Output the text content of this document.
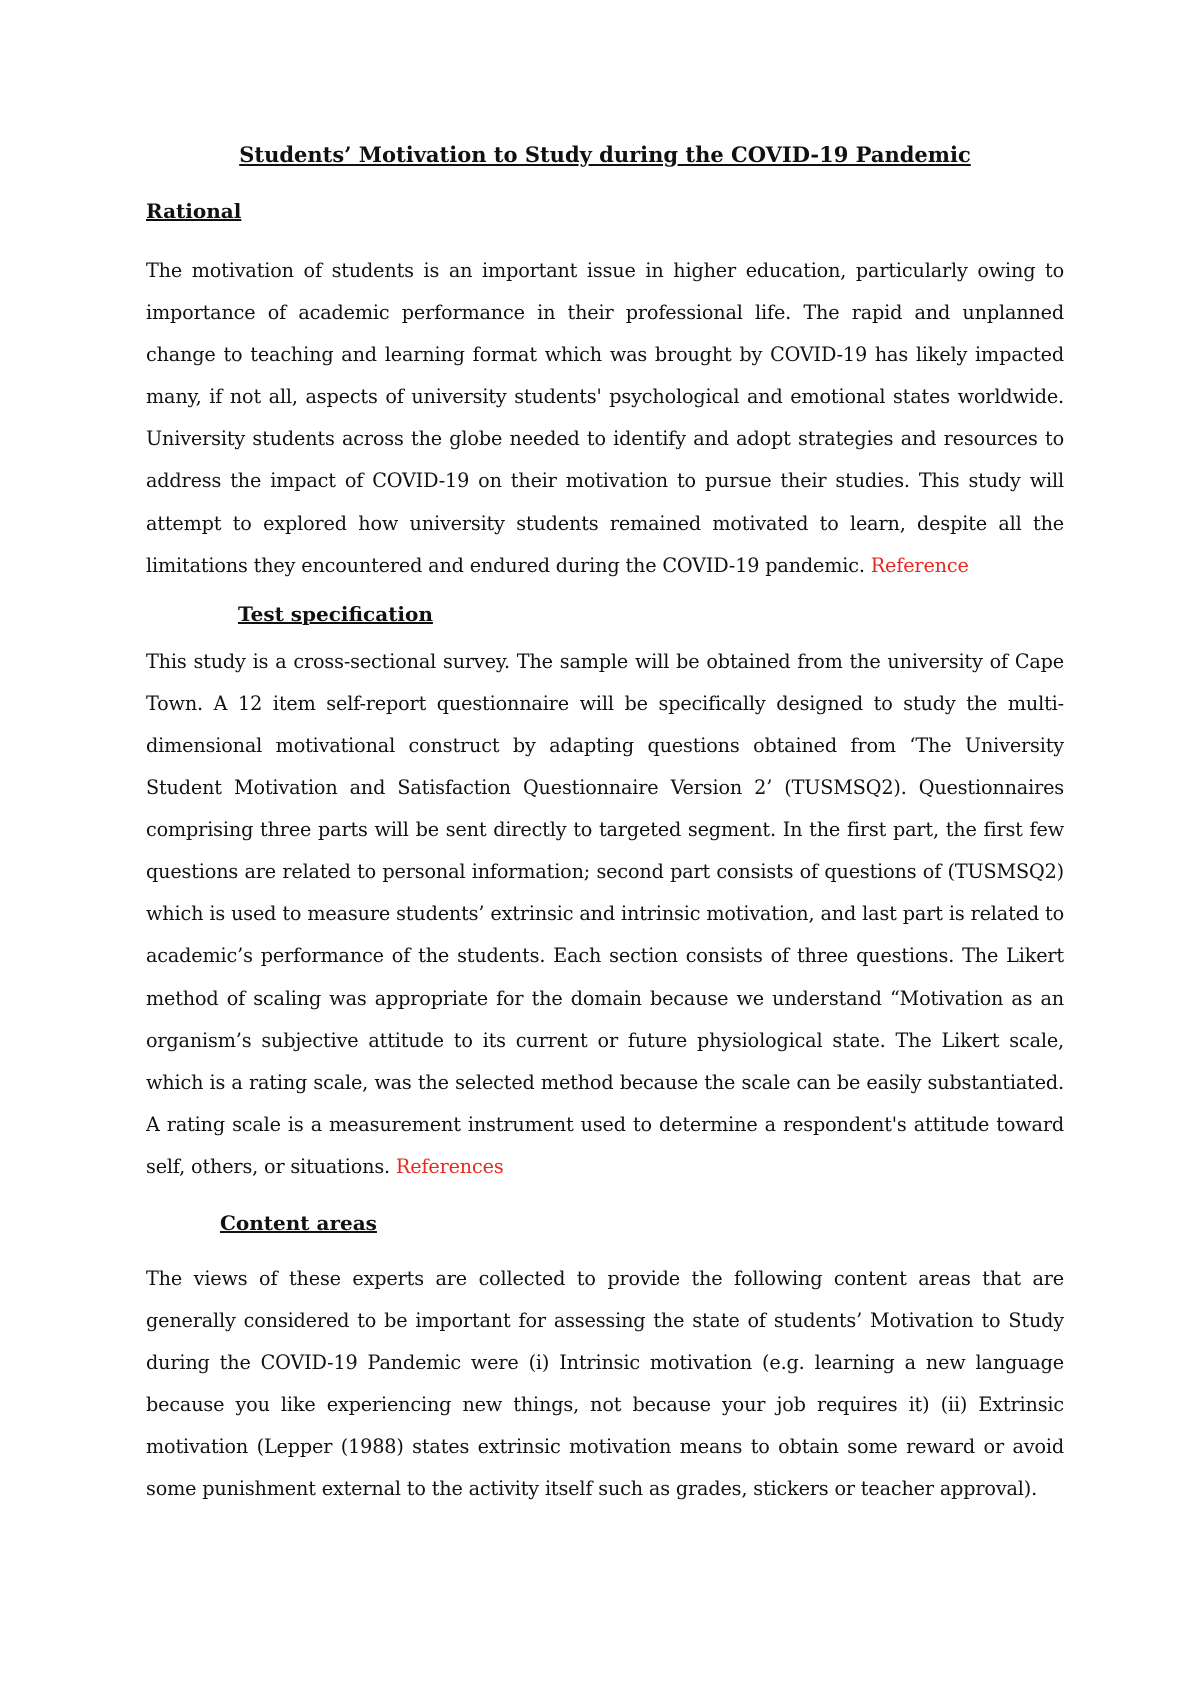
Students’ Motivation to Study during the COVID-19 Pandemic
Rational

The motivation of students is an important issue in higher education, particularly owing to importance of academic performance in their professional life. The rapid and unplanned change to teaching and learning format which was brought by COVID-19 has likely impacted many, if not all, aspects of university students' psychological and emotional states worldwide. University students across the globe needed to identify and adopt strategies and resources to address the impact of COVID-19 on their motivation to pursue their studies. This study will attempt to explored how university students remained motivated to learn, despite all the limitations they encountered and endured during the COVID-19 pandemic. Reference

Test specification

This study is a cross-sectional survey. The sample will be obtained from the university of Cape Town. A 12 item self-report questionnaire will be specifically designed to study the multi-dimensional motivational construct by adapting questions obtained from ‘The University Student Motivation and Satisfaction Questionnaire Version 2’ (TUSMSQ2). Questionnaires comprising three parts will be sent directly to targeted segment. In the first part, the first few questions are related to personal information; second part consists of questions of (TUSMSQ2) which is used to measure students’ extrinsic and intrinsic motivation, and last part is related to academic’s performance of the students. Each section consists of three questions. The Likert method of scaling was appropriate for the domain because we understand “Motivation as an organism’s subjective attitude to its current or future physiological state. The Likert scale, which is a rating scale, was the selected method because the scale can be easily substantiated. A rating scale is a measurement instrument used to determine a respondent's attitude toward self, others, or situations. References

Content areas

The views of these experts are collected to provide the following content areas that are generally considered to be important for assessing the state of students’ Motivation to Study during the COVID-19 Pandemic were (i) Intrinsic motivation (e.g. learning a new language because you like experiencing new things, not because your job requires it) (ii) Extrinsic motivation (Lepper (1988) states extrinsic motivation means to obtain some reward or avoid some punishment external to the activity itself such as grades, stickers or teacher approval).
